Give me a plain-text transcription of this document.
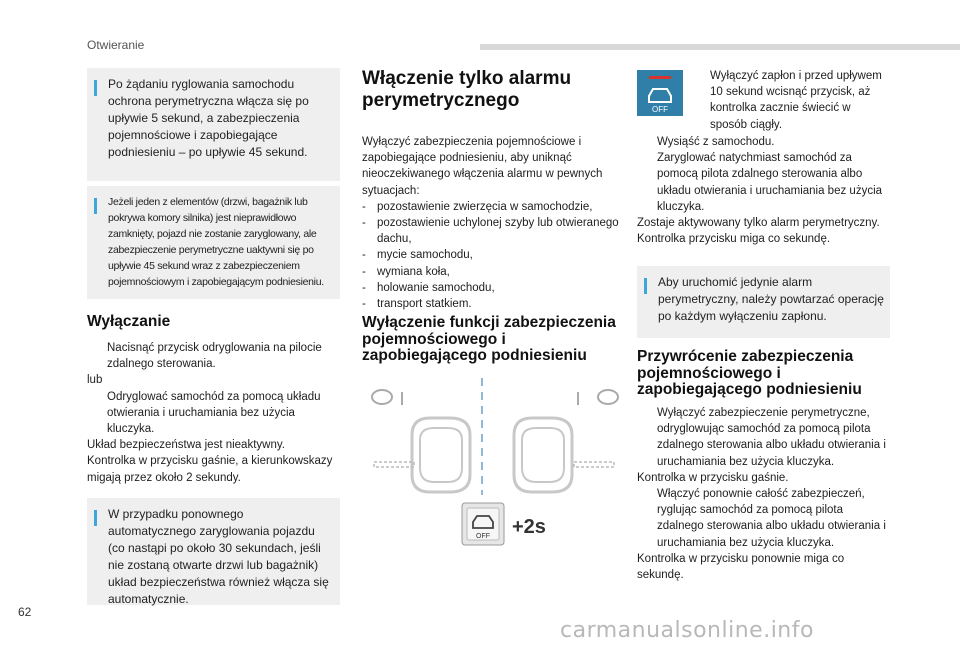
Otwieranie

Po żądaniu ryglowania samochodu ochrona perymetryczna włącza się po upływie 5 sekund, a zabezpieczenia pojemnościowe i zapobiegające podniesieniu – po upływie 45 sekund.

Jeżeli jeden z elementów (drzwi, bagażnik lub pokrywa komory silnika) jest nieprawidłowo zamknięty, pojazd nie zostanie zaryglowany, ale zabezpieczenie perymetryczne uaktywni się po upływie 45 sekund wraz z zabezpieczeniem pojemnościowym i zapobiegającym podniesieniu.

Wyłączanie
Nacisnąć przycisk odryglowania na pilocie zdalnego sterowania.
lub
Odryglować samochód za pomocą układu otwierania i uruchamiania bez użycia kluczyka.
Układ bezpieczeństwa jest nieaktywny.
Kontrolka w przycisku gaśnie, a kierunkowskazy migają przez około 2 sekundy.

W przypadku ponownego automatycznego zaryglowania pojazdu (co nastąpi po około 30 sekundach, jeśli nie zostaną otwarte drzwi lub bagażnik) układ bezpieczeństwa również włącza się automatycznie.

Włączenie tylko alarmu perymetrycznego
Wyłączyć zabezpieczenia pojemnościowe i zapobiegające podniesieniu, aby uniknąć nieoczekiwanego włączenia alarmu w pewnych sytuacjach:
- pozostawienie zwierzęcia w samochodzie,
- pozostawienie uchylonej szyby lub otwieranego dachu,
- mycie samochodu,
- wymiana koła,
- holowanie samochodu,
- transport statkiem.
Wyłączenie funkcji zabezpieczenia pojemnościowego i zapobiegającego podniesieniu
OFF +2s
OFF
Wyłączyć zapłon i przed upływem 10 sekund wcisnąć przycisk, aż kontrolka zacznie świecić w sposób ciągły.
Wysiąść z samochodu.
Zaryglować natychmiast samochód za pomocą pilota zdalnego sterowania albo układu otwierania i uruchamiania bez użycia kluczyka.
Zostaje aktywowany tylko alarm perymetryczny.
Kontrolka przycisku miga co sekundę.

Aby uruchomić jedynie alarm perymetryczny, należy powtarzać operację po każdym wyłączeniu zapłonu.

Przywrócenie zabezpieczenia pojemnościowego i zapobiegającego podniesieniu
Wyłączyć zabezpieczenie perymetryczne, odryglowując samochód za pomocą pilota zdalnego sterowania albo układu otwierania i uruchamiania bez użycia kluczyka.
Kontrolka w przycisku gaśnie.
Włączyć ponownie całość zabezpieczeń, ryglując samochód za pomocą pilota zdalnego sterowania albo układu otwierania i uruchamiania bez użycia kluczyka.
Kontrolka w przycisku ponownie miga co sekundę.
62
carmanualsonline.info
